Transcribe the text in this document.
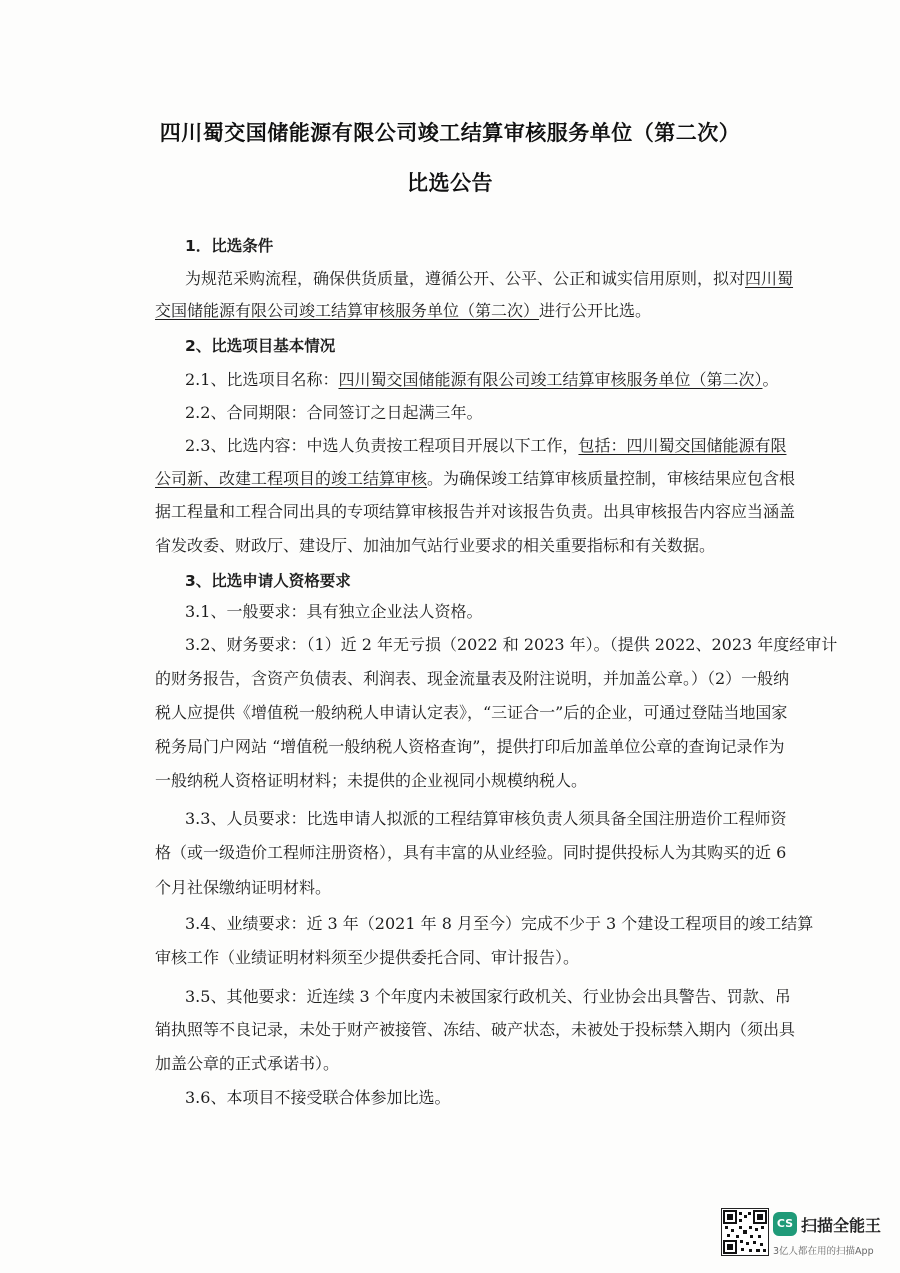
四川蜀交国储能源有限公司竣工结算审核服务单位（第二次）
比选公告
1．比选条件
为规范采购流程，确保供货质量，遵循公开、公平、公正和诚实信用原则，拟对四川蜀
交国储能源有限公司竣工结算审核服务单位（第二次）进行公开比选。
2、比选项目基本情况
2.1、比选项目名称：四川蜀交国储能源有限公司竣工结算审核服务单位（第二次）。
2.2、合同期限：合同签订之日起满三年。
2.3、比选内容：中选人负责按工程项目开展以下工作，包括：四川蜀交国储能源有限
公司新、改建工程项目的竣工结算审核。为确保竣工结算审核质量控制，审核结果应包含根
据工程量和工程合同出具的专项结算审核报告并对该报告负责。出具审核报告内容应当涵盖
省发改委、财政厅、建设厅、加油加气站行业要求的相关重要指标和有关数据。
3、比选申请人资格要求
3.1、一般要求：具有独立企业法人资格。
3.2、财务要求：（1）近 2 年无亏损（2022 和 2023 年）。（提供 2022、2023 年度经审计
的财务报告，含资产负债表、利润表、现金流量表及附注说明，并加盖公章。）（2）一般纳
税人应提供《增值税一般纳税人申请认定表》，“三证合一”后的企业，可通过登陆当地国家
税务局门户网站 “增值税一般纳税人资格查询”，提供打印后加盖单位公章的查询记录作为
一般纳税人资格证明材料；未提供的企业视同小规模纳税人。
3.3、人员要求：比选申请人拟派的工程结算审核负责人须具备全国注册造价工程师资
格（或一级造价工程师注册资格），具有丰富的从业经验。同时提供投标人为其购买的近 6
个月社保缴纳证明材料。
3.4、业绩要求：近 3 年（2021 年 8 月至今）完成不少于 3 个建设工程项目的竣工结算
审核工作（业绩证明材料须至少提供委托合同、审计报告）。
3.5、其他要求：近连续 3 个年度内未被国家行政机关、行业协会出具警告、罚款、吊
销执照等不良记录，未处于财产被接管、冻结、破产状态，未被处于投标禁入期内（须出具
加盖公章的正式承诺书）。
3.6、本项目不接受联合体参加比选。
CS 扫描全能王
3亿人都在用的扫描App
